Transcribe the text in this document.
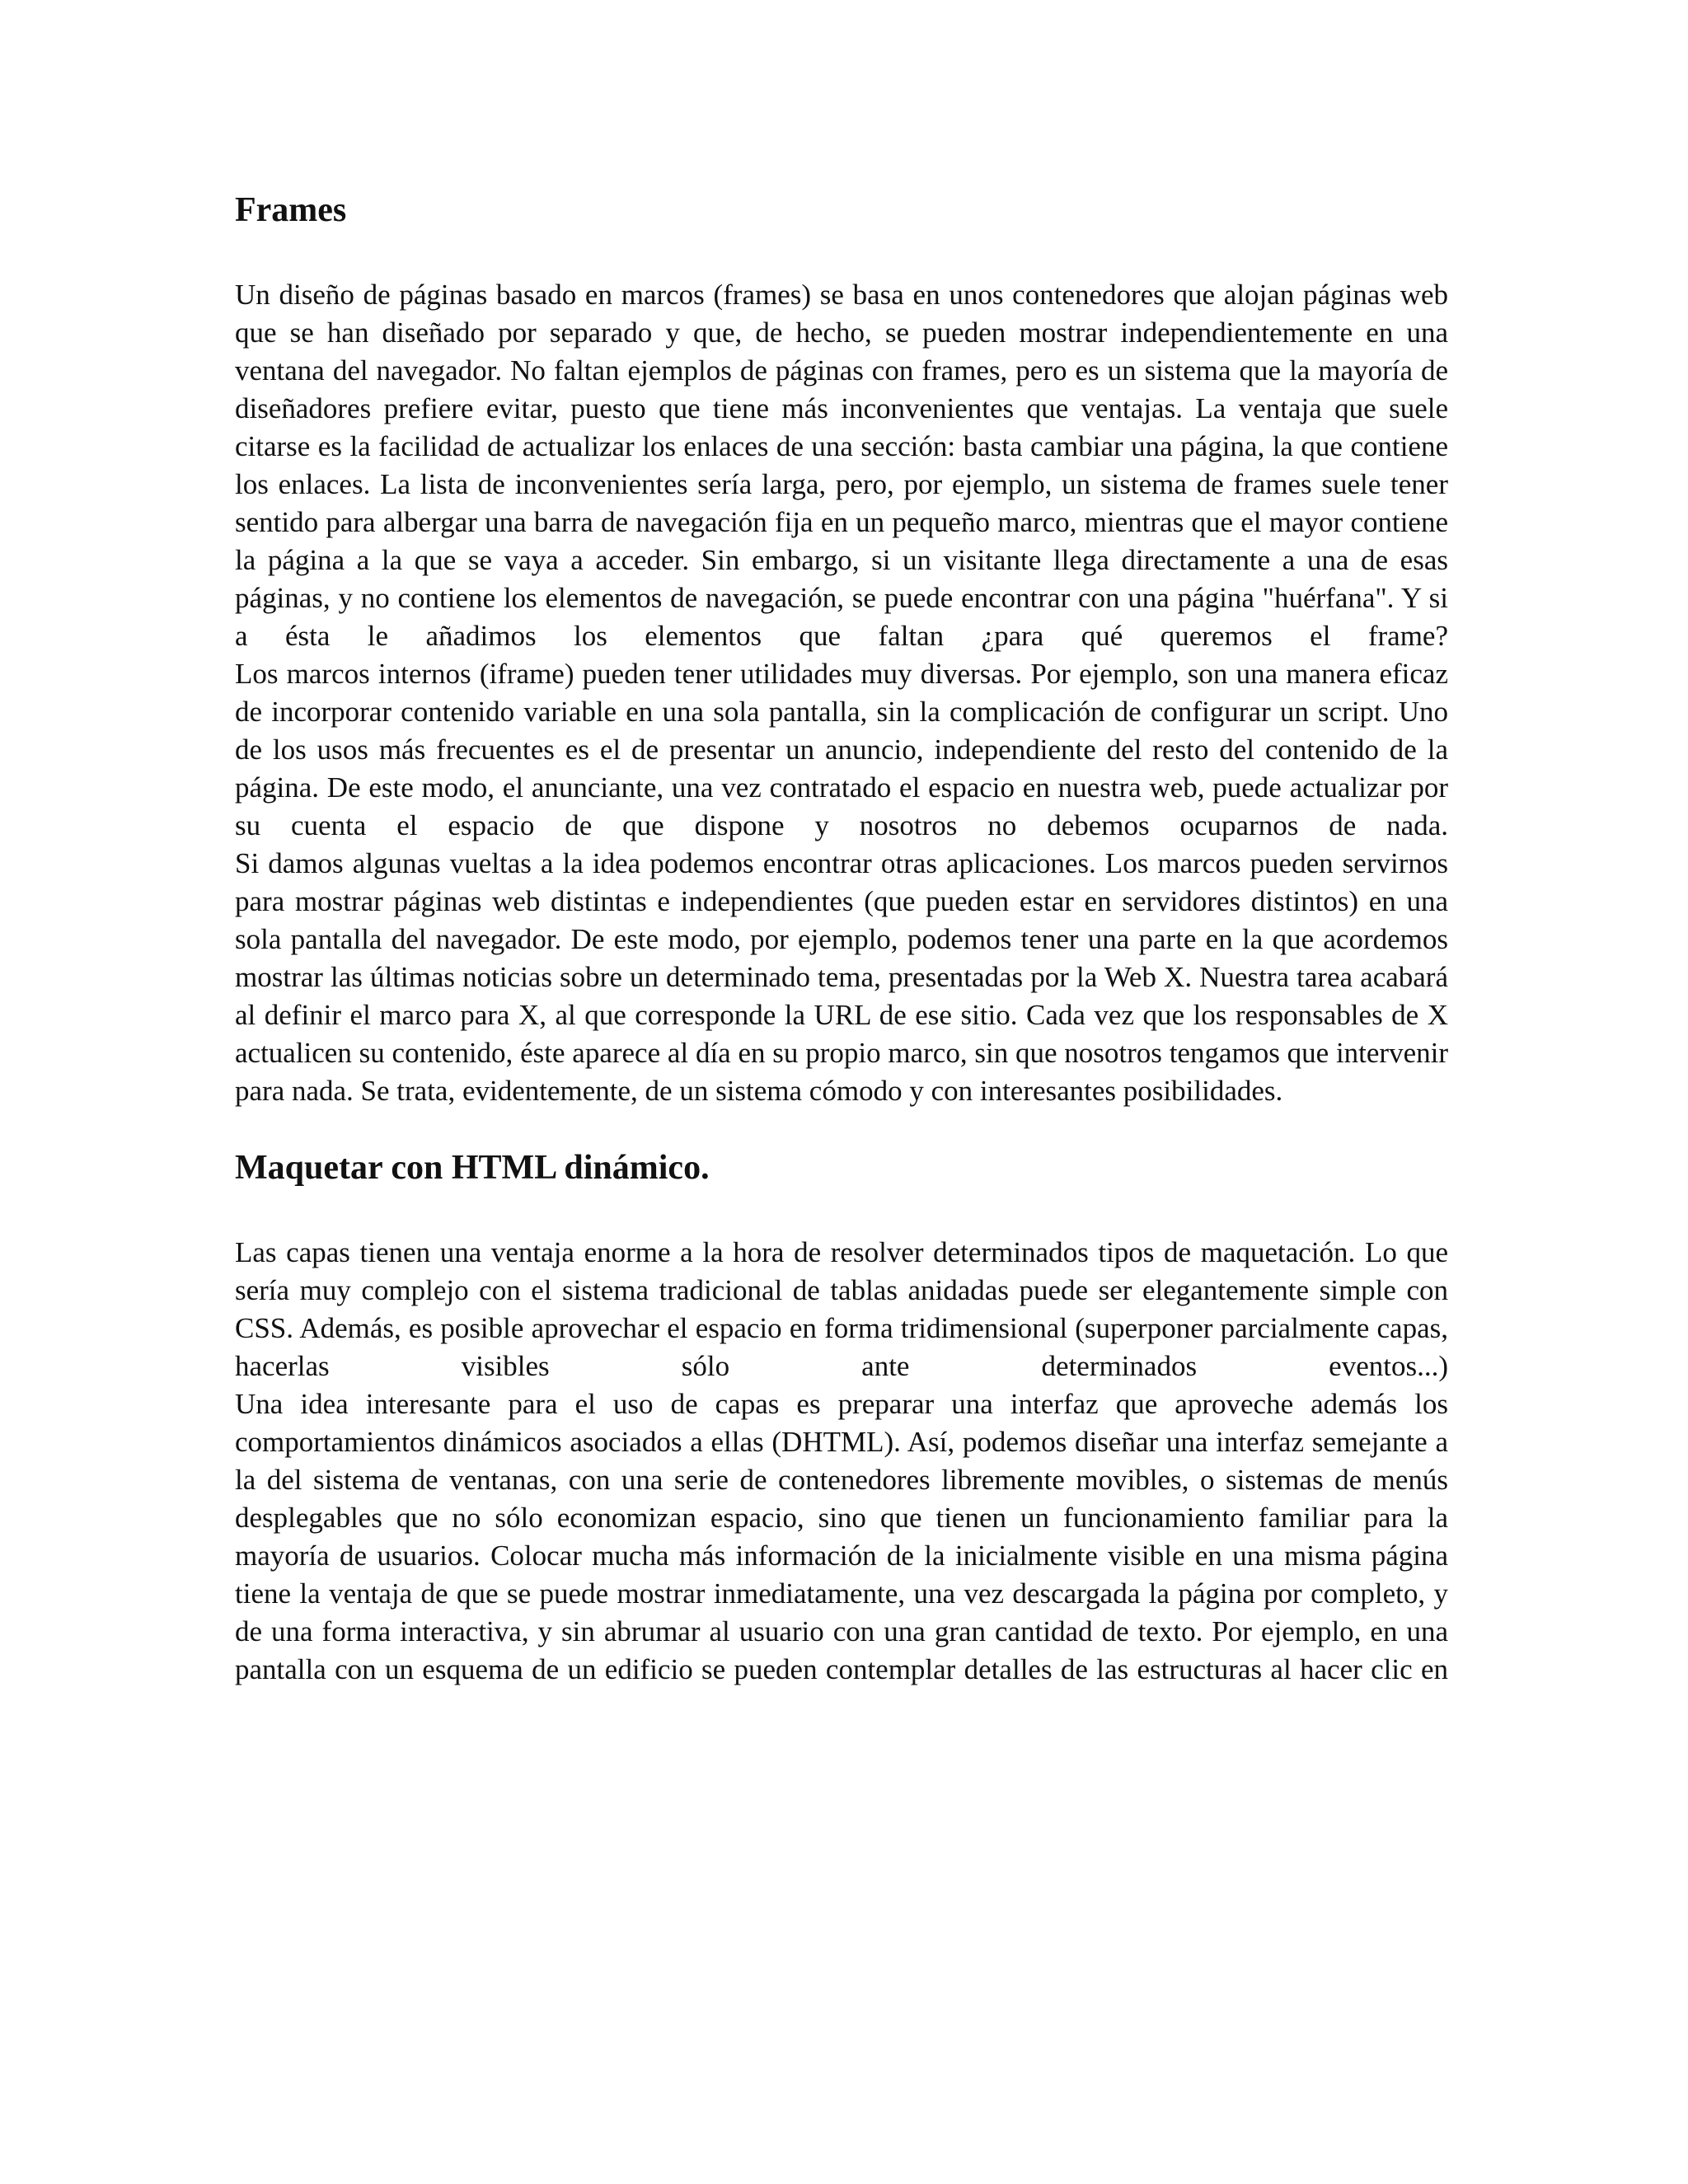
Frames

Un diseño de páginas basado en marcos (frames) se basa en unos contenedores que alojan páginas web que se han diseñado por separado y que, de hecho, se pueden mostrar independientemente en una ventana del navegador. No faltan ejemplos de páginas con frames, pero es un sistema que la mayoría de diseñadores prefiere evitar, puesto que tiene más inconvenientes que ventajas. La ventaja que suele citarse es la facilidad de actualizar los enlaces de una sección: basta cambiar una página, la que contiene los enlaces. La lista de inconvenientes sería larga, pero, por ejemplo, un sistema de frames suele tener sentido para albergar una barra de navegación fija en un pequeño marco, mientras que el mayor contiene la página a la que se vaya a acceder. Sin embargo, si un visitante llega directamente a una de esas páginas, y no contiene los elementos de navegación, se puede encontrar con una página "huérfana". Y si a ésta le añadimos los elementos que faltan ¿para qué queremos el frame?

Los marcos internos (iframe) pueden tener utilidades muy diversas. Por ejemplo, son una manera eficaz de incorporar contenido variable en una sola pantalla, sin la complicación de configurar un script. Uno de los usos más frecuentes es el de presentar un anuncio, independiente del resto del contenido de la página. De este modo, el anunciante, una vez contratado el espacio en nuestra web, puede actualizar por su cuenta el espacio de que dispone y nosotros no debemos ocuparnos de nada.

Si damos algunas vueltas a la idea podemos encontrar otras aplicaciones. Los marcos pueden servirnos para mostrar páginas web distintas e independientes (que pueden estar en servidores distintos) en una sola pantalla del navegador. De este modo, por ejemplo, podemos tener una parte en la que acordemos mostrar las últimas noticias sobre un determinado tema, presentadas por la Web X. Nuestra tarea acabará al definir el marco para X, al que corresponde la URL de ese sitio. Cada vez que los responsables de X actualicen su contenido, éste aparece al día en su propio marco, sin que nosotros tengamos que intervenir para nada. Se trata, evidentemente, de un sistema cómodo y con interesantes posibilidades.

Maquetar con HTML dinámico.

Las capas tienen una ventaja enorme a la hora de resolver determinados tipos de maquetación. Lo que sería muy complejo con el sistema tradicional de tablas anidadas puede ser elegantemente simple con CSS. Además, es posible aprovechar el espacio en forma tridimensional (superponer parcialmente capas, hacerlas visibles sólo ante determinados eventos...)

Una idea interesante para el uso de capas es preparar una interfaz que aproveche además los comportamientos dinámicos asociados a ellas (DHTML). Así, podemos diseñar una interfaz semejante a la del sistema de ventanas, con una serie de contenedores libremente movibles, o sistemas de menús desplegables que no sólo economizan espacio, sino que tienen un funcionamiento familiar para la mayoría de usuarios. Colocar mucha más información de la inicialmente visible en una misma página tiene la ventaja de que se puede mostrar inmediatamente, una vez descargada la página por completo, y de una forma interactiva, y sin abrumar al usuario con una gran cantidad de texto. Por ejemplo, en una pantalla con un esquema de un edificio se pueden contemplar detalles de las estructuras al hacer clic en
